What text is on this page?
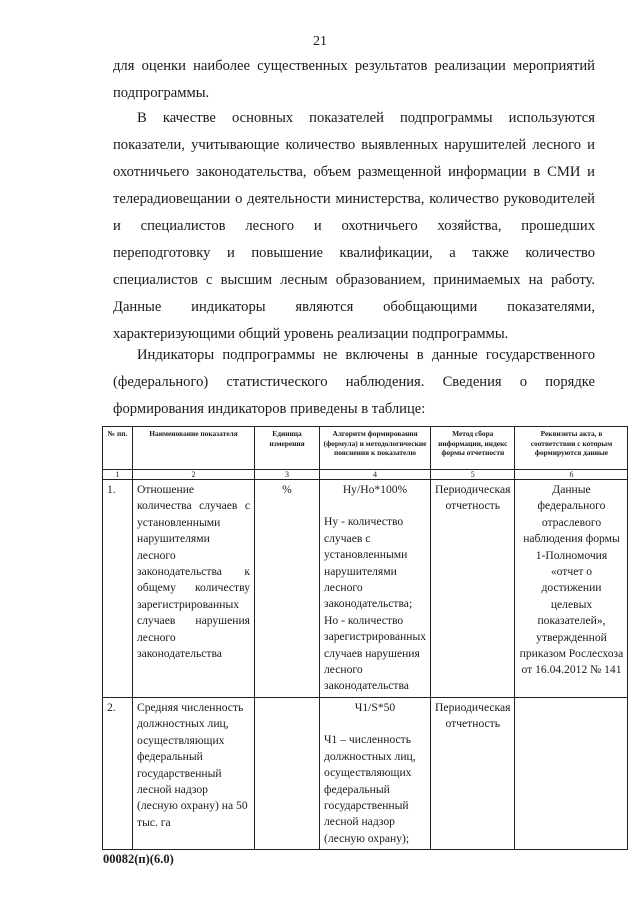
21

для оценки наиболее существенных результатов реализации мероприятий подпрограммы.

В качестве основных показателей подпрограммы используются показатели, учитывающие количество выявленных нарушителей лесного и охотничьего законодательства, объем размещенной информации в СМИ и телерадиовещании о деятельности министерства, количество руководителей и специалистов лесного и охотничьего хозяйства, прошедших переподготовку и повышение квалификации, а также количество специалистов с высшим лесным образованием, принимаемых на работу. Данные индикаторы являются обобщающими показателями, характеризующими общий уровень реализации подпрограммы.

Индикаторы подпрограммы не включены в данные государственного (федерального) статистического наблюдения. Сведения о порядке формирования индикаторов приведены в таблице:

№ пп.	Наименование показателя	Единица измерения	Алгоритм формирования (формула) и методологические пояснения к показателю	Метод сбора информации, индекс формы отчетности	Реквизиты акта, в соответствии с которым формируются данные
1	2	3	4	5	6
1.	Отношение количества случаев с установленными нарушителями лесного законодательства к общему количеству зарегистрированных случаев нарушения лесного законодательства	%	Ну/Но*100%
Ну - количество случаев с установленными нарушителями лесного законодательства;
Но - количество зарегистрированных случаев нарушения лесного законодательства	Периодическая отчетность	Данные федерального отраслевого наблюдения формы 1-Полномочия «отчет о достижении целевых показателей», утвержденной приказом Рослесхоза от 16.04.2012 № 141
2.	Средняя численность должностных лиц, осуществляющих федеральный государственный лесной надзор (лесную охрану) на 50 тыс. га		Ч1/S*50
Ч1 – численность должностных лиц, осуществляющих федеральный государственный лесной надзор (лесную охрану);	Периодическая отчетность	
00082(п)(6.0)
